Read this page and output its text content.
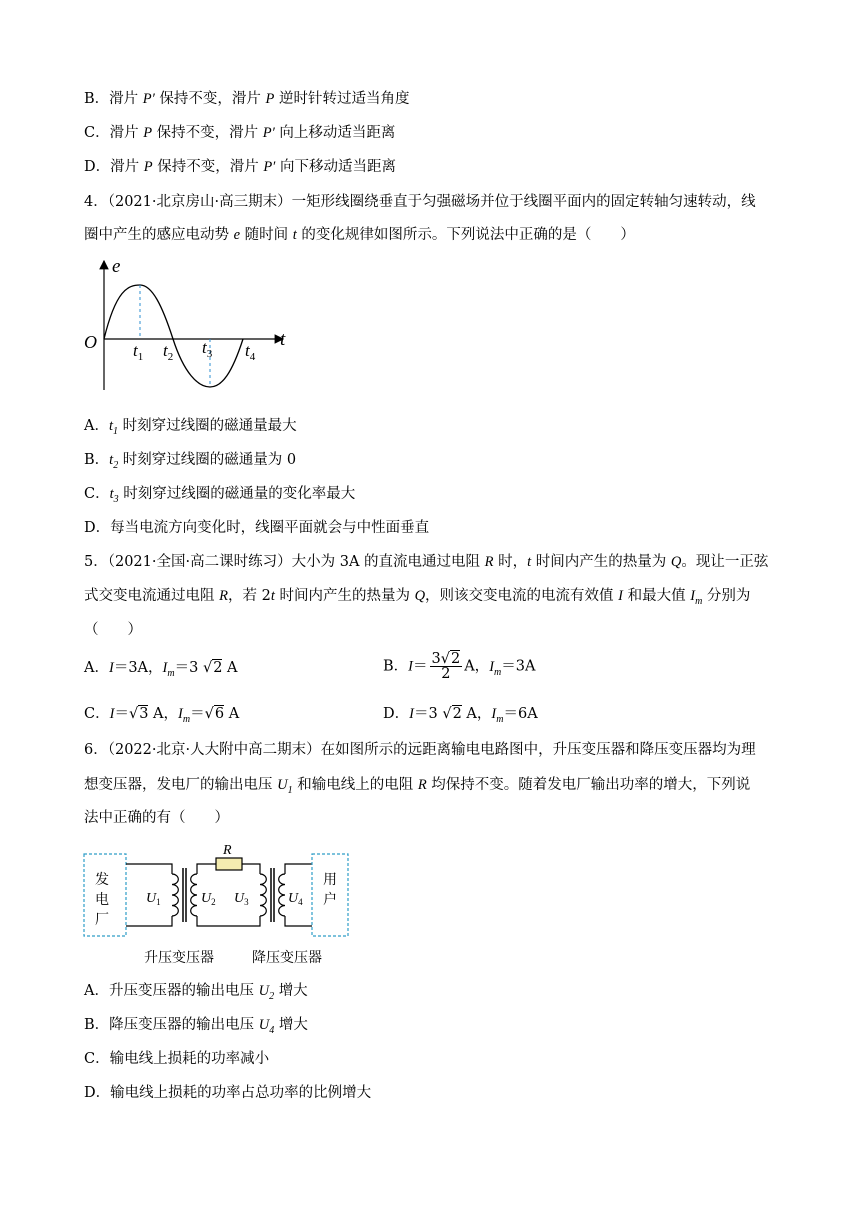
B．滑片 P′ 保持不变，滑片 P 逆时针转过适当角度
C．滑片 P 保持不变，滑片 P′ 向上移动适当距离
D．滑片 P 保持不变，滑片 P′ 向下移动适当距离
4．（2021·北京房山·高三期末）一矩形线圈绕垂直于匀强磁场并位于线圈平面内的固定转轴匀速转动，线
圈中产生的感应电动势 e 随时间 t 的变化规律如图所示。下列说法中正确的是（　　）
e
t
O $t_1$ $t_2$ $t_3$ $t_4$
A．$t_1$ 时刻穿过线圈的磁通量最大
B．$t_2$ 时刻穿过线圈的磁通量为 0
C．$t_3$ 时刻穿过线圈的磁通量的变化率最大
D．每当电流方向变化时，线圈平面就会与中性面垂直
5．（2021·全国·高二课时练习）大小为 3A 的直流电通过电阻 R 时，t 时间内产生的热量为 Q。现让一正弦
式交变电流通过电阻 R，若 2t 时间内产生的热量为 Q，则该交变电流的电流有效值 I 和最大值 $I_m$ 分别为
（　　）
A．I＝3A，$I_m=3$ √2 A	B．$I= \frac{3√2}{2}$ A，$I_m=3A$
C．I＝√3 A，$I_m=√6$ A	D．I＝3 √2 A，$I_m=6A$
6．（2022·北京·人大附中高二期末）在如图所示的远距离输电电路图中，升压变压器和降压变压器均为理
想变压器，发电厂的输出电压 $U_1$ 和输电线上的电阻 R 均保持不变。随着发电厂输出功率的增大，下列说
法中正确的有（　　）
发
电
厂
$U_1$
R
$U_2$ $U_3$	$U_4$
用
户
升压变压器	降压变压器
A．升压变压器的输出电压 $U_2$ 增大
B．降压变压器的输出电压 $U_4$ 增大
C．输电线上损耗的功率减小
D．输电线上损耗的功率占总功率的比例增大
